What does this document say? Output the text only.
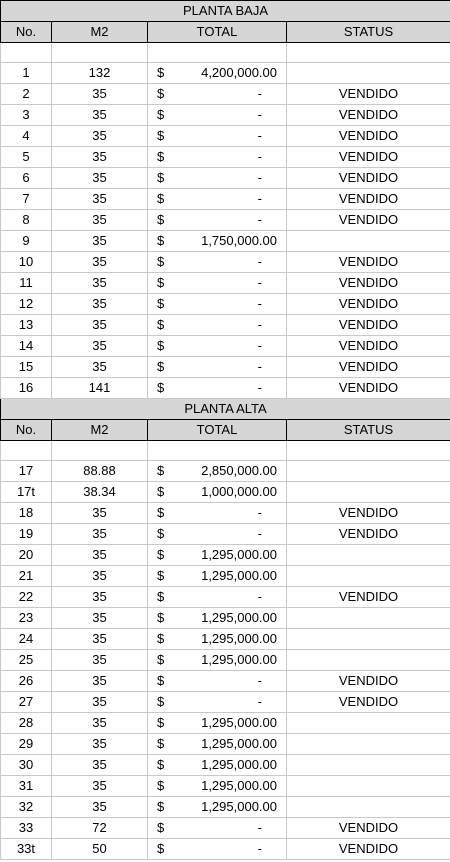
PLANTA BAJA			
No.	M2	TOTAL	STATUS

1	132	$ 4,200,000.00	

2	35	$ -	VENDIDO
3	35	$ -	VENDIDO
4	35	$ -	VENDIDO
5	35	$ -	VENDIDO
6	35	$ -	VENDIDO
7	35	$ -	VENDIDO
8	35	$ -	VENDIDO
9	35	$ 1,750,000.00	

10	35	$ -	VENDIDO
11	35	$ -	VENDIDO
12	35	$ -	VENDIDO
13	35	$ -	VENDIDO
14	35	$ -	VENDIDO
15	35	$ -	VENDIDO
16	141	$ -	VENDIDO
PLANTA ALTA			
No.	M2	TOTAL	STATUS

17	88.88	$ 2,850,000.00	

17t	38.34	$ 1,000,000.00	

18	35	$ -	VENDIDO
19	35	$ -	VENDIDO
20	35	$ 1,295,000.00	

21	35	$ 1,295,000.00	

22	35	$ -	VENDIDO
23	35	$ 1,295,000.00	

24	35	$ 1,295,000.00	

25	35	$ 1,295,000.00	

26	35	$ -	VENDIDO
27	35	$ -	VENDIDO
28	35	$ 1,295,000.00	

29	35	$ 1,295,000.00	

30	35	$ 1,295,000.00	

31	35	$ 1,295,000.00	

32	35	$ 1,295,000.00	

33	72	$ -	VENDIDO
33t	50	$ -	VENDIDO
